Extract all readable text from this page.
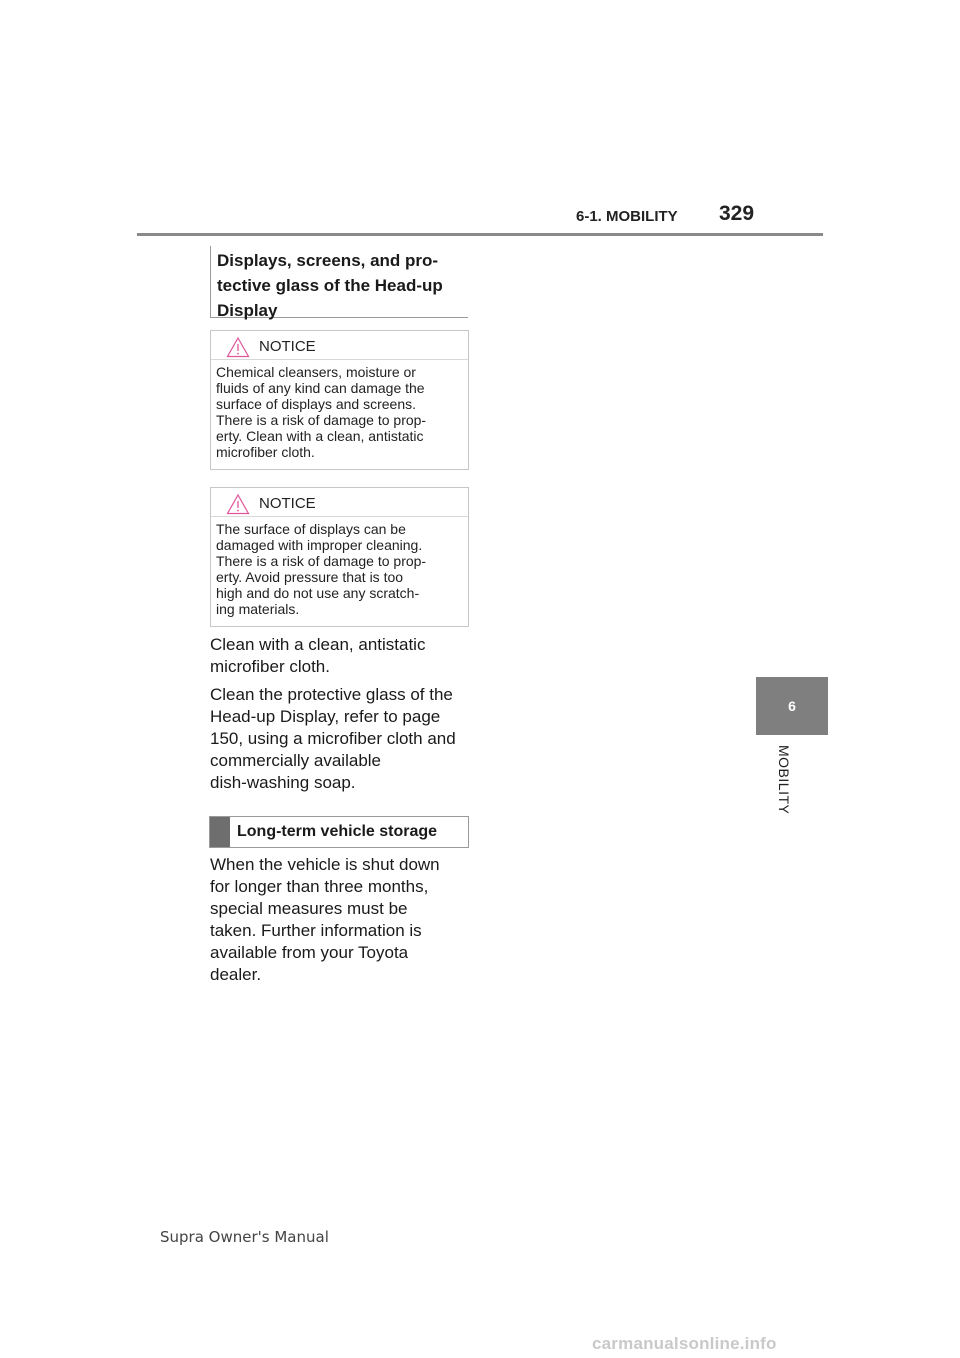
6-1. MOBILITY 329
6
MOBILITY
Displays, screens, and pro-
tective glass of the Head-up
Display
NOTICE
Chemical cleansers, moisture or
fluids of any kind can damage the
surface of displays and screens.
There is a risk of damage to prop-
erty. Clean with a clean, antistatic
microfiber cloth.
NOTICE
The surface of displays can be
damaged with improper cleaning.
There is a risk of damage to prop-
erty. Avoid pressure that is too
high and do not use any scratch-
ing materials.
Clean with a clean, antistatic
microfiber cloth.
Clean the protective glass of the
Head-up Display, refer to page
150, using a microfiber cloth and
commercially available
dish-washing soap.
Long-term vehicle storage
When the vehicle is shut down
for longer than three months,
special measures must be
taken. Further information is
available from your Toyota
dealer.
Supra Owner's Manual
carmanualsonline.info
